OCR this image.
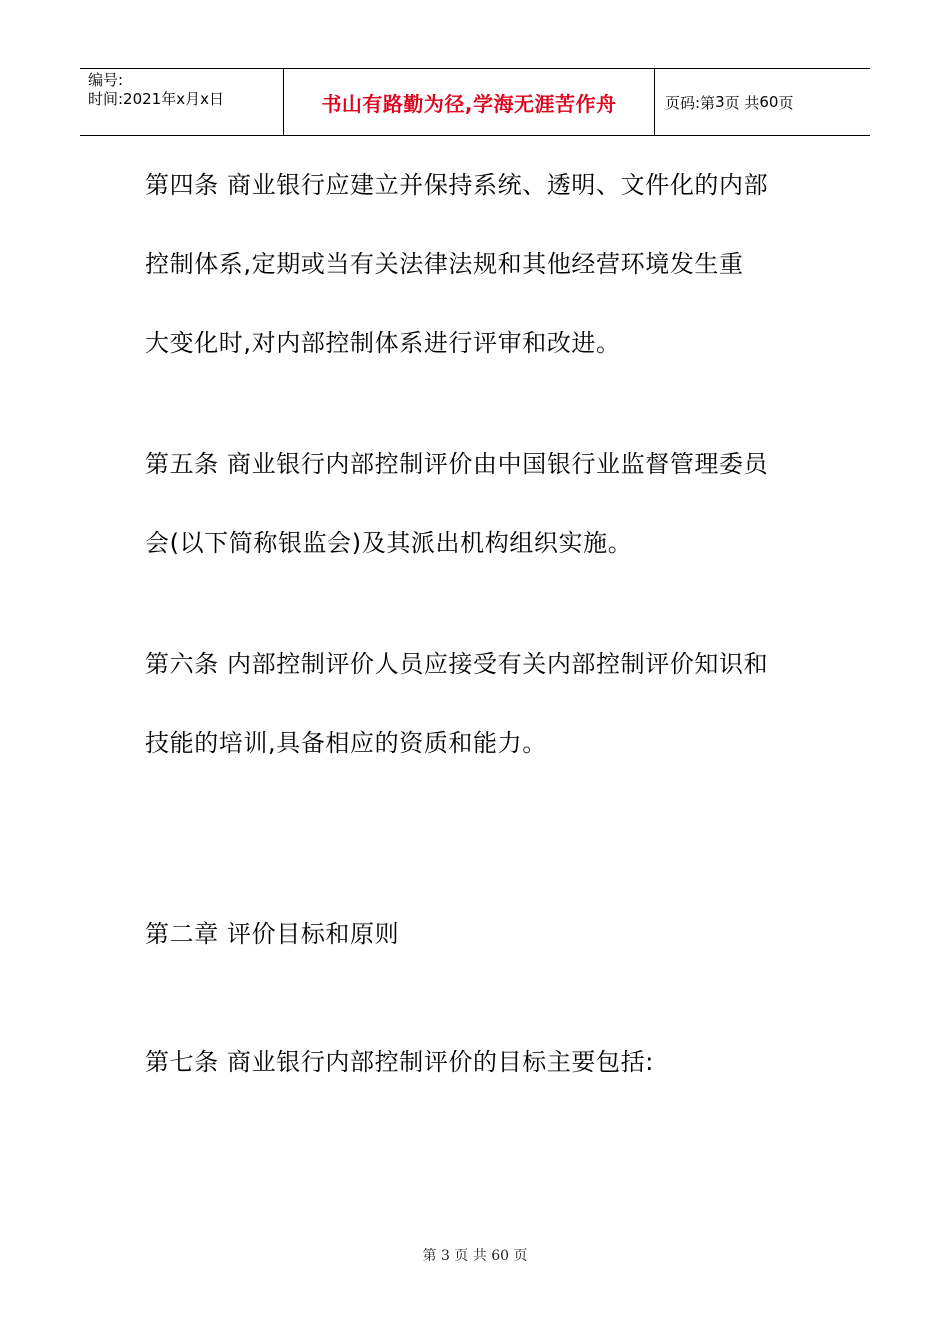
编号:
时间:2021年x月x日	书山有路勤为径,学海无涯苦作舟	页码:第 3 页 共 60 页
第四条 商业银行应建立并保持系统、透明、文件化的内部
控制体系,定期或当有关法律法规和其他经营环境发生重
大变化时,对内部控制体系进行评审和改进。
第五条 商业银行内部控制评价由中国银行业监督管理委员
会(以下简称银监会)及其派出机构组织实施。
第六条 内部控制评价人员应接受有关内部控制评价知识和
技能的培训,具备相应的资质和能力。
第二章 评价目标和原则
第七条 商业银行内部控制评价的目标主要包括:
第 3 页 共 60 页
